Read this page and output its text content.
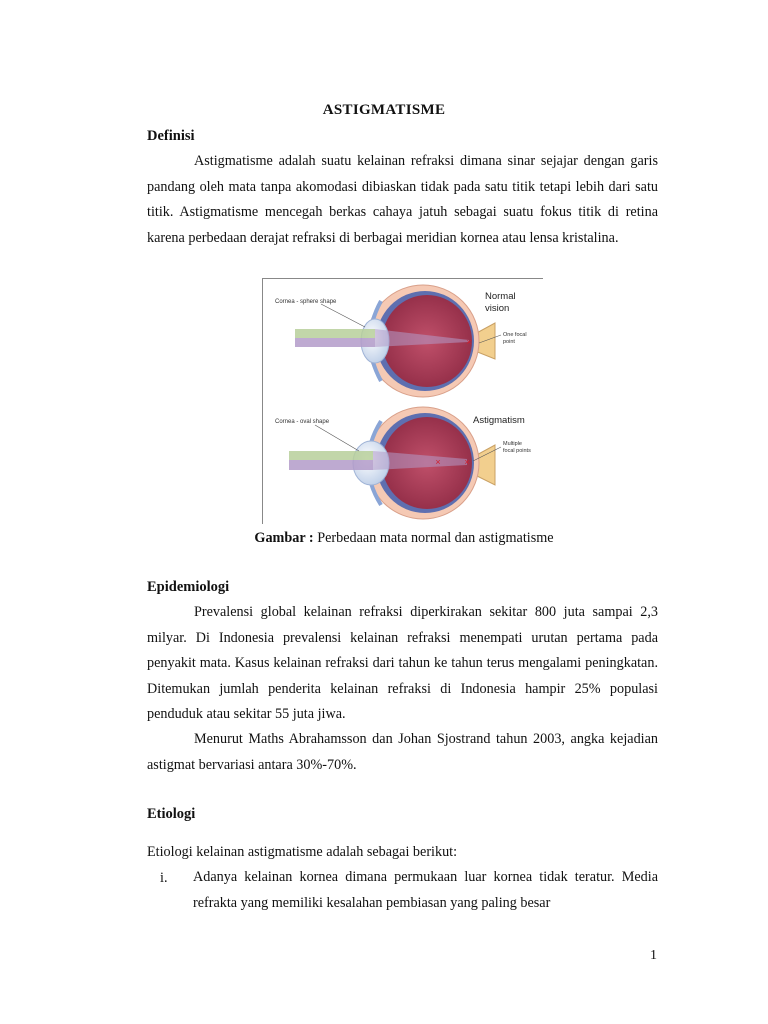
ASTIGMATISME
Definisi

Astigmatisme adalah suatu kelainan refraksi dimana sinar sejajar dengan garis pandang oleh mata tanpa akomodasi dibiaskan tidak pada satu titik tetapi lebih dari satu titik. Astigmatisme mencegah berkas cahaya jatuh sebagai suatu fokus titik di retina karena perbedaan derajat refraksi di berbagai meridian kornea atau lensa kristalina.

×
Cornea - sphere shape	Normal
vision
One focal
point
×	×
Cornea - oval shape	Astigmatism
Multiple
focal points
Gambar : Perbedaan mata normal dan astigmatisme
Epidemiologi

Prevalensi global kelainan refraksi diperkirakan sekitar 800 juta sampai 2,3 milyar. Di Indonesia prevalensi kelainan refraksi menempati urutan pertama pada penyakit mata. Kasus kelainan refraksi dari tahun ke tahun terus mengalami peningkatan. Ditemukan jumlah penderita kelainan refraksi di Indonesia hampir 25% populasi penduduk atau sekitar 55 juta jiwa.

Menurut Maths Abrahamsson dan Johan Sjostrand tahun 2003, angka kejadian astigmat bervariasi antara 30%-70%.

Etiologi

Etiologi kelainan astigmatisme adalah sebagai berikut:

i. Adanya kelainan kornea dimana permukaan luar kornea tidak teratur. Media refrakta yang memiliki kesalahan pembiasan yang paling besar

1
